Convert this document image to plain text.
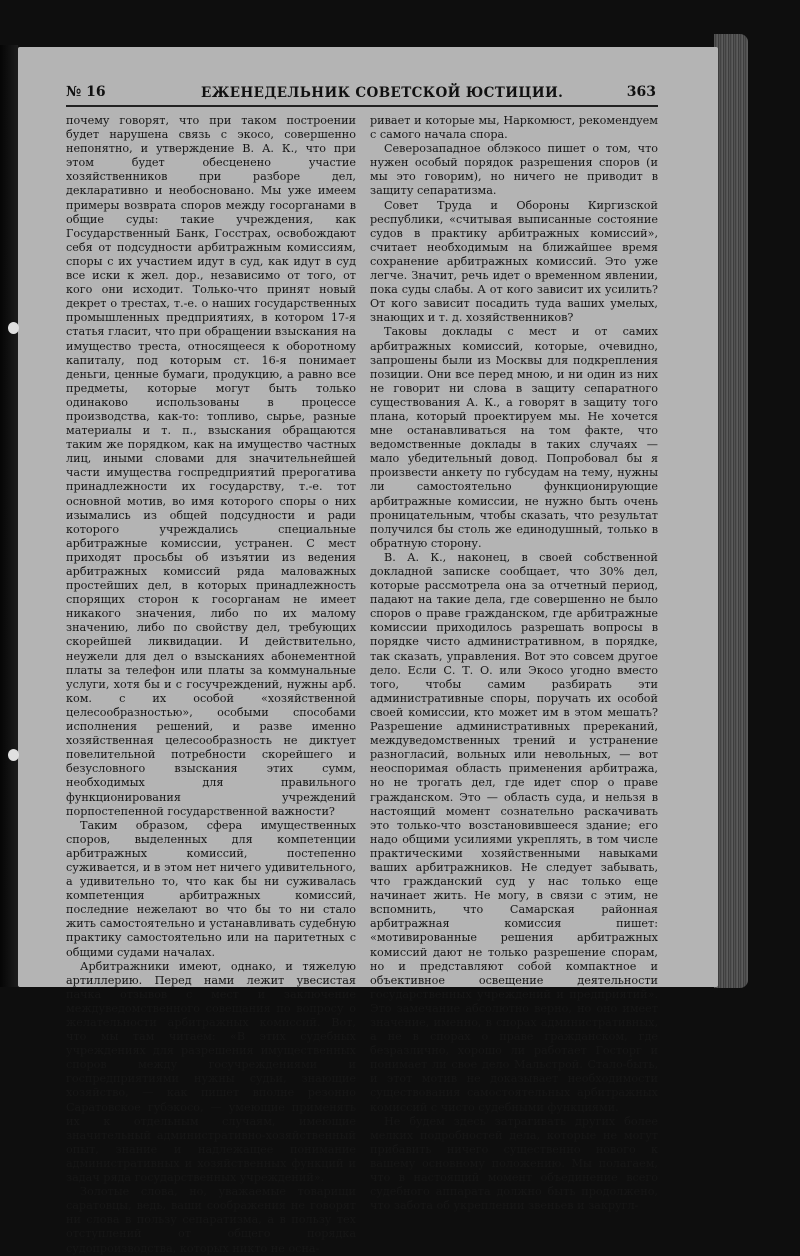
№ 16	ЕЖЕНЕДЕЛЬНИК СОВЕТСКОЙ ЮСТИЦИИ.	363

почему говорят, что при таком построении будет нарушена связь с экосо, совершенно непонятно, и утверждение В. А. К., что при этом будет обесценено участие хозяйственников при разборе дел, декларативно и необосновано. Мы уже имеем примеры возврата споров между госорганами в общие суды: такие учреждения, как Государственный Банк, Госстрах, освобождают себя от подсудности арбитражным комиссиям, споры с их участием идут в суд, как идут в суд все иски к жел. дор., независимо от того, от кого они исходит. Только-что принят новый декрет о трестах, т.-е. о наших государственных промышленных предприятиях, в котором 17-я статья гласит, что при обращении взыскания на имущество треста, относящееся к оборотному капиталу, под которым ст. 16-я понимает деньги, ценные бумаги, продукцию, а равно все предметы, которые могут быть только одинаково использованы в процессе производства, как-то: топливо, сырье, разные материалы и т. п., взыскания обращаются таким же порядком, как на имущество частных лиц, иными словами для значительнейшей части имущества госпредприятий прерогатива принадлежности их государству, т.-е. тот основной мотив, во имя которого споры о них изымались из общей подсудности и ради которого учреждались специальные арбитражные комиссии, устранен. С мест приходят просьбы об изъятии из ведения арбитражных комиссий ряда маловажных простейших дел, в которых принадлежность спорящих сторон к госорганам не имеет никакого значения, либо по их малому значению, либо по свойству дел, требующих скорейшей ликвидации. И действительно, неужели для дел о взысканиях абонементной платы за телефон или платы за коммунальные услуги, хотя бы и с госучреждений, нужны арб. ком. с их особой «хозяйственной целесообразностью», особыми способами исполнения решений, и разве именно хозяйственная целесообразность не диктует повелительной потребности скорейшего и безусловного взыскания этих сумм, необходимых для правильного функционирования учреждений порпостепенной государственной важности?

Таким образом, сфера имущественных споров, выделенных для компетенции арбитражных комиссий, постепенно суживается, и в этом нет ничего удивительного, а удивительно то, что как бы ни суживалась компетенция арбитражных комиссий, последние нежелают во что бы то ни стало жить самостоятельно и устанавливать судебную практику самостоятельно или на паритетных с общими судами началах.

Арбитражники имеют, однако, и тяжелую артиллерию. Перед нами лежит увесистая пачка отзывов с мест и заключение междуведомственного совещания по вопросу о желательности арбитражных комиссий. Вот, что мы там читаем: «В этих судебных учреждениях для разрешения имущественных споров между госучреждениями и госпредприятиями нужны судьи, знающие хозяйство, — как пишет вполне резонно Саратовское губэкосо, — умеющие применять их к отдельным случаям, имеющие значительный административно-хозяйственный опыт, знание и надлежащее понимание административных и хозяйственных функций и задач ряда государственных учреждений».

Золотые слова, но, уважаемые товарищи саратовцы, ведь, ваши соображения не говорят ни слова в пользу сепаратизма, а в пользу тех отступлений от общего порядка судопроизводства, которых никто не осна-

ривает и которые мы, Наркомюст, рекомендуем с самого начала спора.

Северозападное облэкосо пишет о том, что нужен особый порядок разрешения споров (и мы это говорим), но ничего не приводит в защиту сепаратизма.

Совет Труда и Обороны Киргизской республики, «считывая выписанные состояние судов в практику арбитражных комиссий», считает необходимым на ближайшее время сохранение арбитражных комиссий. Это уже легче. Значит, речь идет о временном явлении, пока суды слабы. А от кого зависит их усилить? От кого зависит посадить туда ваших умелых, знающих и т. д. хозяйственников?

Таковы доклады с мест и от самих арбитражных комиссий, которые, очевидно, запрошены были из Москвы для подкрепления позиции. Они все перед мною, и ни один из них не говорит ни слова в защиту сепаратного существования А. К., а говорят в защиту того плана, который проектируем мы. Не хочется мне останавливаться на том факте, что ведомственные доклады в таких случаях — мало убедительный довод. Попробовал бы я произвести анкету по губсудам на тему, нужны ли самостоятельно функционирующие арбитражные комиссии, не нужно быть очень проницательным, чтобы сказать, что результат получился бы столь же единодушный, только в обратную сторону.

В. А. К., наконец, в своей собственной докладной записке сообщает, что 30% дел, которые рассмотрела она за отчетный период, падают на такие дела, где совершенно не было споров о праве гражданском, где арбитражные комиссии приходилось разрешать вопросы в порядке чисто административном, в порядке, так сказать, управления. Вот это совсем другое дело. Если С. Т. О. или Экосо угодно вместо того, чтобы самим разбирать эти административные споры, поручать их особой своей комиссии, кто может им в этом мешать? Разрешение административных пререканий, междуведомственных трений и устранение разногласий, вольных или невольных, — вот неоспоримая область применения арбитража, но не трогать дел, где идет спор о праве гражданском. Это — область суда, и нельзя в настоящий момент сознательно раскачивать это только-что возстановившееся здание; его надо общими усилиями укреплять, в том числе практическими хозяйственными навыками ваших арбитражников. Не следует забывать, что гражданский суд у нас только еще начинает жить. Не могу, в связи с этим, не вспомнить, что Самарская районная арбитражная комиссия пишет: «мотивированные решения арбитражных комиссий дают не только разрешение спорам, но и представляют собой компактное и объективное освещение деятельности государственных учреждений и предприятий». Это замечание абсолютно верно, но оно имеет значение, именно, в спорах административных, а не в спорах о праве гражданском, где безразлично, хорошо ли работает Госторг и понимает ли свое дело Мальстрой. Стало-быть, и этот мотив не доказывает необходимости существования самостоятельных арбитражных комиссий с чисто судебными функциями.

Не будем здесь затрагивать других более мелких подробностей дела, которые не могут прибавить ничего существенно нового к вашему основному положению. Мы полагаем, что в настоящий момент объединение всего судебного аппарата должно быть продолжено, что забота об укреплении звеньев и закругл-
